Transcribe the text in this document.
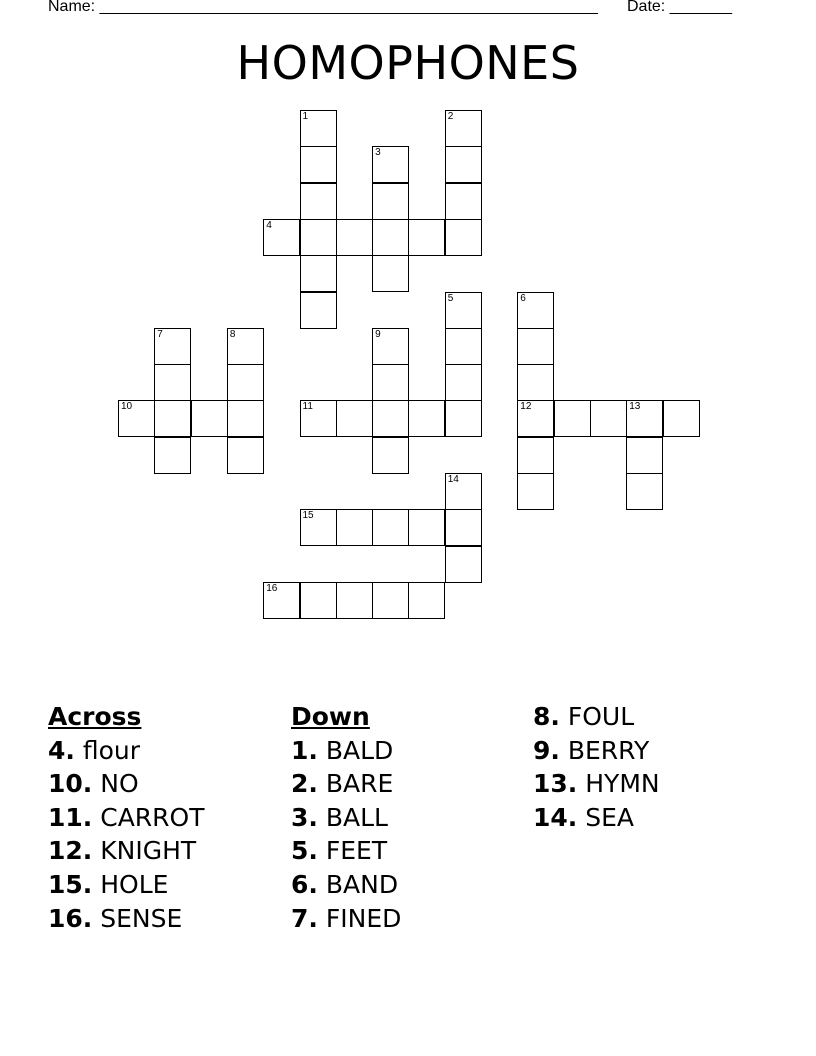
Name: ________________________________________________________ Date: _______
HOMOPHONES
1	2
3
4
5	6
12
7	8	9
10	11	13
14
15
16
Across
4. flour
10. NO
11. CARROT
12. KNIGHT
15. HOLE
16. SENSE
Down
1. BALD
2. BARE
3. BALL
5. FEET
6. BAND
7. FINED
8. FOUL
9. BERRY
13. HYMN
14. SEA
